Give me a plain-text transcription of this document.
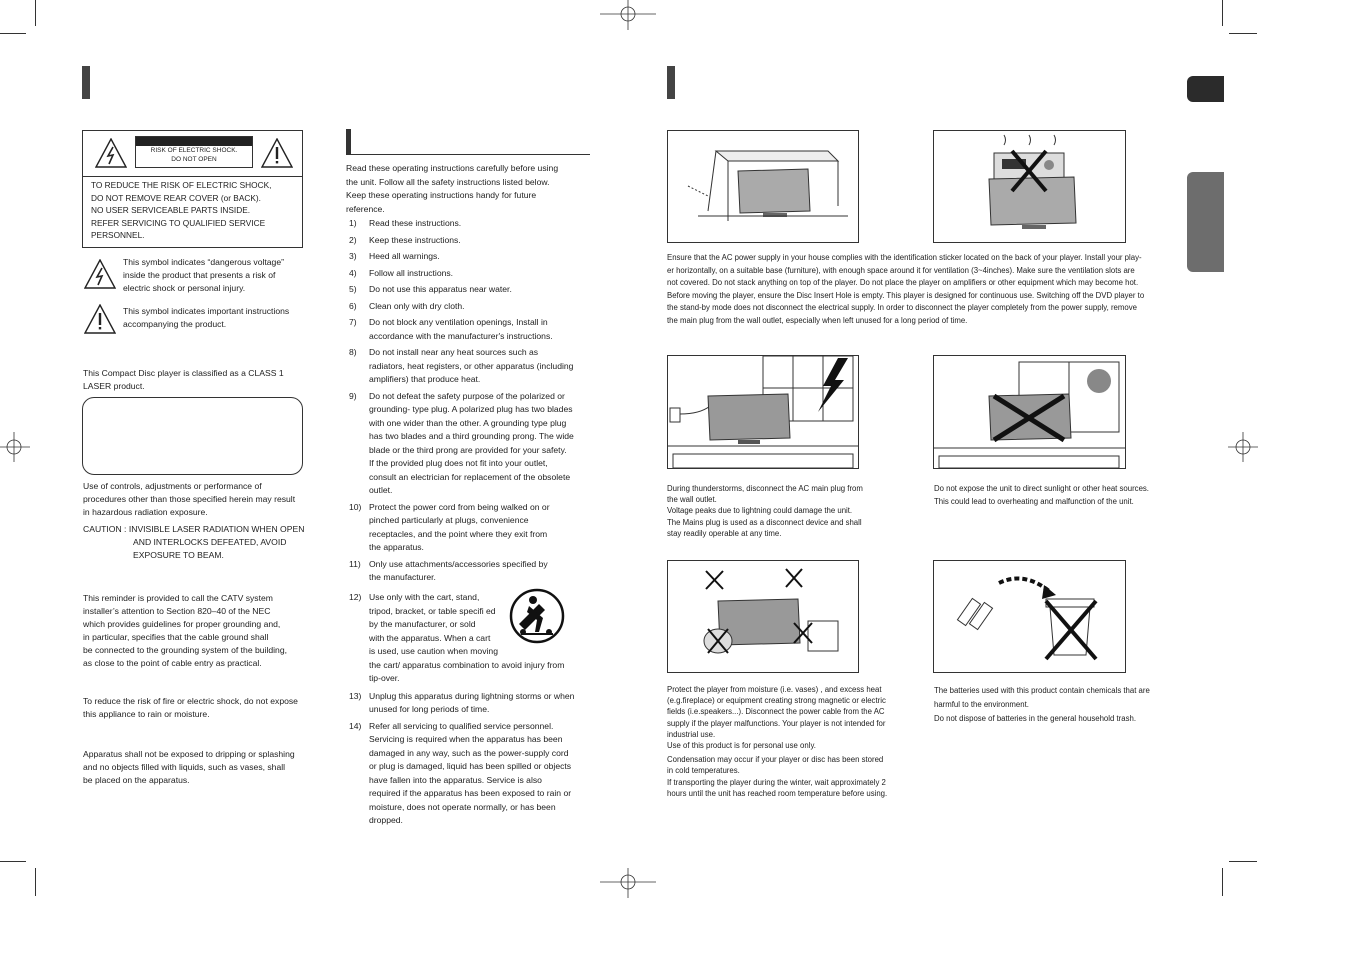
RISK OF ELECTRIC SHOCK.
DO NOT OPEN
TO REDUCE THE RISK OF ELECTRIC SHOCK,
DO NOT REMOVE REAR COVER (or BACK).
NO USER SERVICEABLE PARTS INSIDE.
REFER SERVICING TO QUALIFIED SERVICE
PERSONNEL.
This symbol indicates “dangerous voltage”
inside the product that presents a risk of
electric shock or personal injury.
This symbol indicates important instructions
accompanying the product.
This Compact Disc player is classified as a CLASS 1
LASER product.
Use of controls, adjustments or performance of
procedures other than those specified herein may result
in hazardous radiation exposure.
CAUTION : INVISIBLE LASER RADIATION WHEN OPEN
AND INTERLOCKS DEFEATED, AVOID
EXPOSURE TO BEAM.
This reminder is provided to call the CATV system
installer’s attention to Section 820–40 of the NEC
which provides guidelines for proper grounding and,
in particular, specifies that the cable ground shall
be connected to the grounding system of the building,
as close to the point of cable entry as practical.
To reduce the risk of fire or electric shock, do not expose
this appliance to rain or moisture.
Apparatus shall not be exposed to dripping or splashing
and no objects filled with liquids, such as vases, shall
be placed on the apparatus.
Read these operating instructions carefully before using
the unit. Follow all the safety instructions listed below.
Keep these operating instructions handy for future
reference.
1) Read these instructions.
2) Keep these instructions.
3) Heed all warnings.
4) Follow all instructions.
5) Do not use this apparatus near water.
6) Clean only with dry cloth.
7) Do not block any ventilation openings, Install in
accordance with the manufacturer's instructions.
8) Do not install near any heat sources such as
radiators, heat registers, or other apparatus (including
amplifiers) that produce heat.
9) Do not defeat the safety purpose of the polarized or
grounding- type plug. A polarized plug has two blades
with one wider than the other. A grounding type plug
has two blades and a third grounding prong. The wide
blade or the third prong are provided for your safety.
If the provided plug does not fit into your outlet,
consult an electrician for replacement of the obsolete
outlet.
10) Protect the power cord from being walked on or
pinched particularly at plugs, convenience
receptacles, and the point where they exit from
the apparatus.
11) Only use attachments/accessories specified by
the manufacturer.
12) Use only with the cart, stand,
tripod, bracket, or table specifi ed
by the manufacturer, or sold
with the apparatus. When a cart
is used, use caution when moving
the cart/ apparatus combination to avoid injury from
tip-over.
13) Unplug this apparatus during lightning storms or when
unused for long periods of time.
14) Refer all servicing to qualified service personnel.
Servicing is required when the apparatus has been
damaged in any way, such as the power-supply cord
or plug is damaged, liquid has been spilled or objects
have fallen into the apparatus. Service is also
required if the apparatus has been exposed to rain or
moisture, does not operate normally, or has been
dropped.
Ensure that the AC power supply in your house complies with the identification sticker located on the back of your player. Install your play-
er horizontally, on a suitable base (furniture), with enough space around it for ventilation (3~4inches). Make sure the ventilation slots are
not covered. Do not stack anything on top of the player. Do not place the player on amplifiers or other equipment which may become hot.
Before moving the player, ensure the Disc Insert Hole is empty. This player is designed for continuous use. Switching off the DVD player to
the stand-by mode does not disconnect the electrical supply. In order to disconnect the player completely from the power supply, remove
the main plug from the wall outlet, especially when left unused for a long period of time.
During thunderstorms, disconnect the AC main plug from
the wall outlet.
Voltage peaks due to lightning could damage the unit.
The Mains plug is used as a disconnect device and shall
stay readily operable at any time.
Do not expose the unit to direct sunlight or other heat sources.
This could lead to overheating and malfunction of the unit.
Protect the player from moisture (i.e. vases) , and excess heat
(e.g.fireplace) or equipment creating strong magnetic or electric
fields (i.e.speakers...). Disconnect the power cable from the AC
supply if the player malfunctions. Your player is not intended for
industrial use.
Use of this product is for personal use only.
Condensation may occur if your player or disc has been stored
in cold temperatures.
If transporting the player during the winter, wait approximately 2
hours until the unit has reached room temperature before using.
The batteries used with this product contain chemicals that are
harmful to the environment.
Do not dispose of batteries in the general household trash.
